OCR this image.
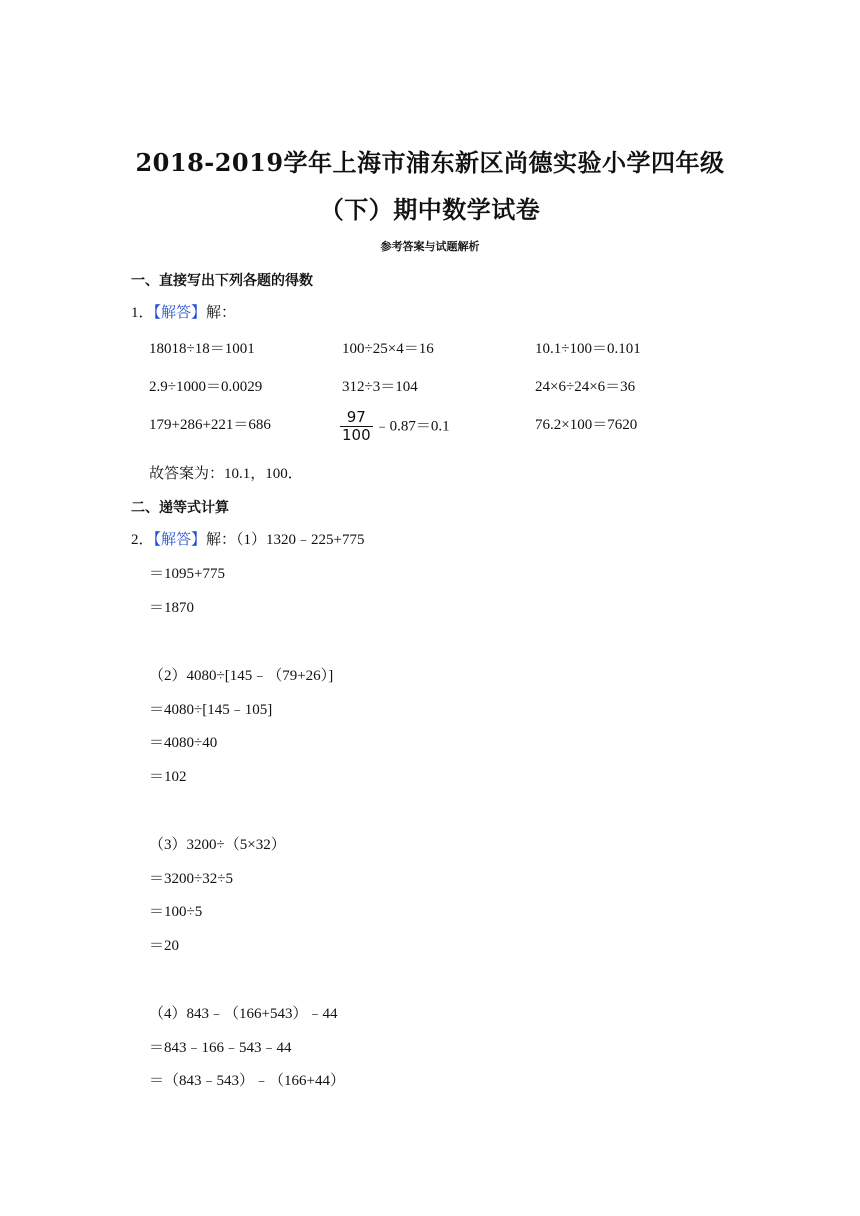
2018-2019学年上海市浦东新区尚德实验小学四年级
（下）期中数学试卷
参考答案与试题解析
一、直接写出下列各题的得数
1．【解答】解：
18018÷18＝1001	100÷25×4＝16	10.1÷100＝0.101
2.9÷1000＝0.0029	312÷3＝104	24×6÷24×6＝36
179+286+221＝686	$\frac{97}{100}$ ﹣0.87＝0.1	76.2×100＝7620
故答案为：10.1，100．
二、递等式计算
2．【解答】解：（1）1320﹣225+775
＝1095+775
＝1870
（2）4080÷[145﹣（79+26）]
＝4080÷[145﹣105]
＝4080÷40
＝102
（3）3200÷（5×32）
＝3200÷32÷5
＝100÷5
＝20
（4）843﹣（166+543）﹣44
＝843﹣166﹣543﹣44
＝（843﹣543）﹣（166+44）
